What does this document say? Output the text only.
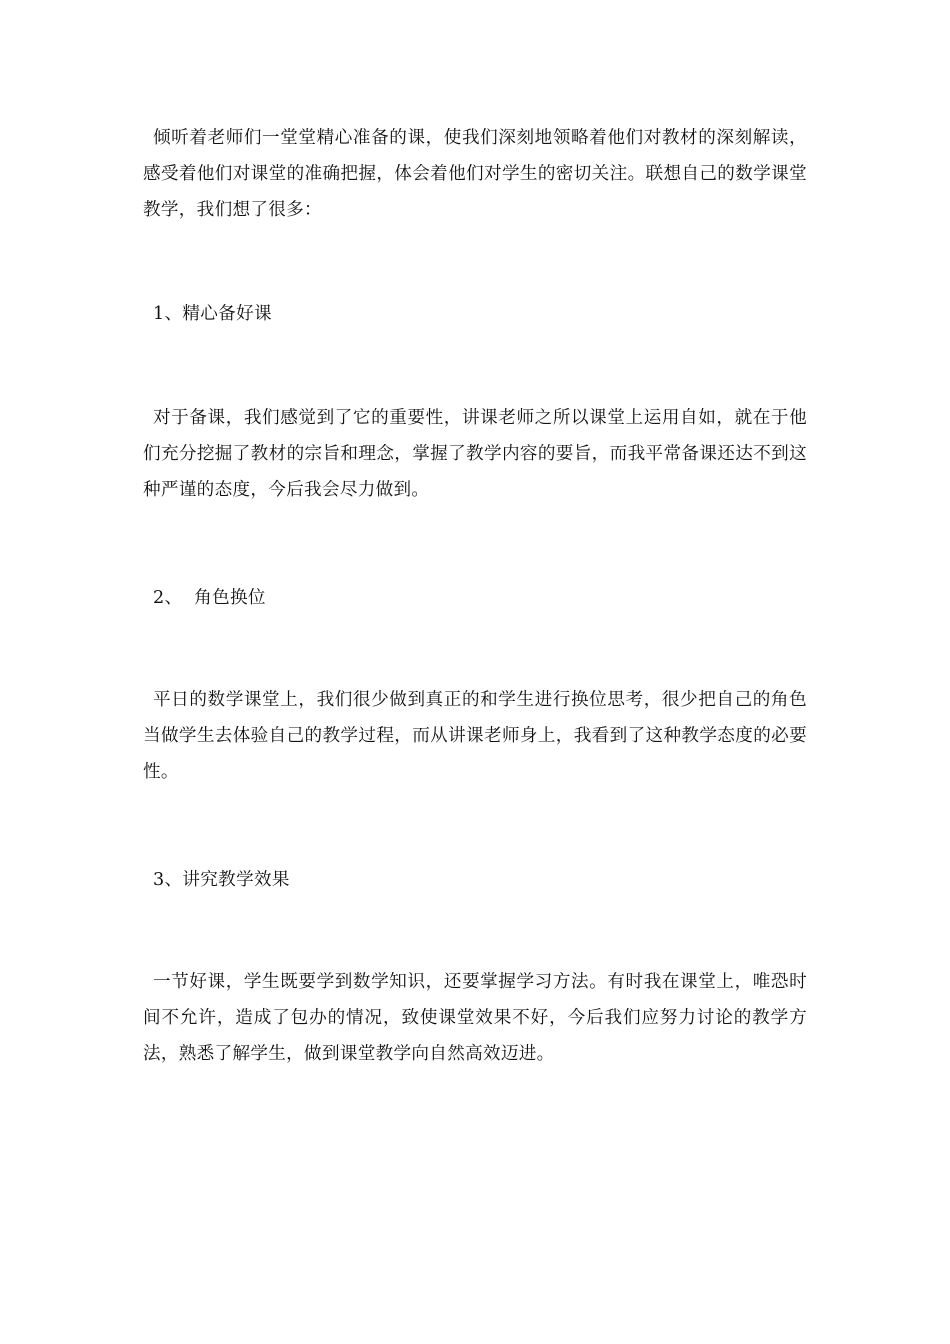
倾听着老师们一堂堂精心准备的课，使我们深刻地领略着他们对教材的深刻解读，感受着他们对课堂的准确把握，体会着他们对学生的密切关注。联想自己的数学课堂教学，我们想了很多：

1、精心备好课

对于备课，我们感觉到了它的重要性，讲课老师之所以课堂上运用自如，就在于他们充分挖掘了教材的宗旨和理念，掌握了教学内容的要旨，而我平常备课还达不到这种严谨的态度，今后我会尽力做到。

2、  角色换位

平日的数学课堂上，我们很少做到真正的和学生进行换位思考，很少把自己的角色当做学生去体验自己的教学过程，而从讲课老师身上，我看到了这种教学态度的必要性。

3、讲究教学效果

一节好课，学生既要学到数学知识，还要掌握学习方法。有时我在课堂上，唯恐时间不允许，造成了包办的情况，致使课堂效果不好，今后我们应努力讨论的教学方法，熟悉了解学生，做到课堂教学向自然高效迈进。
